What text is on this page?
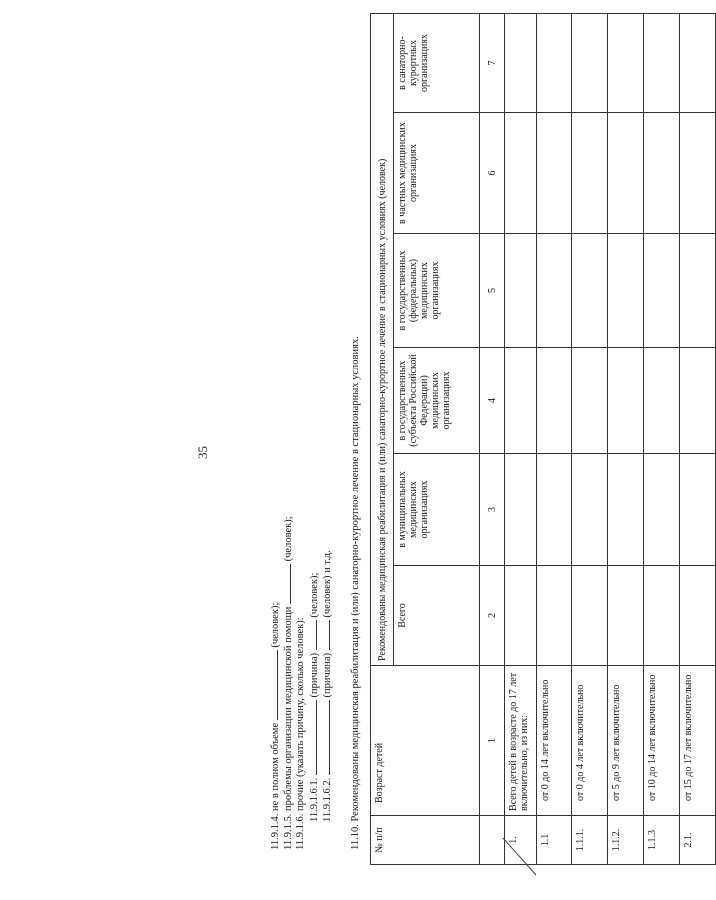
35
11.9.1.4. не в полном объеме  (человек); 11.9.1.5. проблемы организации медицинской помощи  (человек);
11.9.1.6. прочие (указать причину, сколько человек): 11.9.1.6.1.  (причина)  (человек);
11.9.1.6.2.  (причина)  (человек) и т.д. 11.10. Рекомендованы медицинская реабилитация и (или) санаторно-курортное лечение в стационарных условиях. № п/п	Возраст детей	Рекомендованы медицинская реабилитация и (или) санаторно-курортное лечение в стационарных условиях (человек)					
		Всего	в муниципальных медицинских организациях	в государственных (субъекта Российской Федерации) медицинских организациях	в государственных (федеральных) медицинских организациях	в частных медицинских организациях	в санаторно-курортных организациях
	1	2	3	4	5	6	7
1.	Всего детей в возрасте до 17 лет включительно, из них:						
1.1	от 0 до 14 лет включительно						
1.1.1.	от 0 до 4 лет включительно						
1.1.2.	от 5 до 9 лет включительно						
1.1.3	от 10 до 14 лет включительно						
2.1.	от 15 до 17 лет включительно						
